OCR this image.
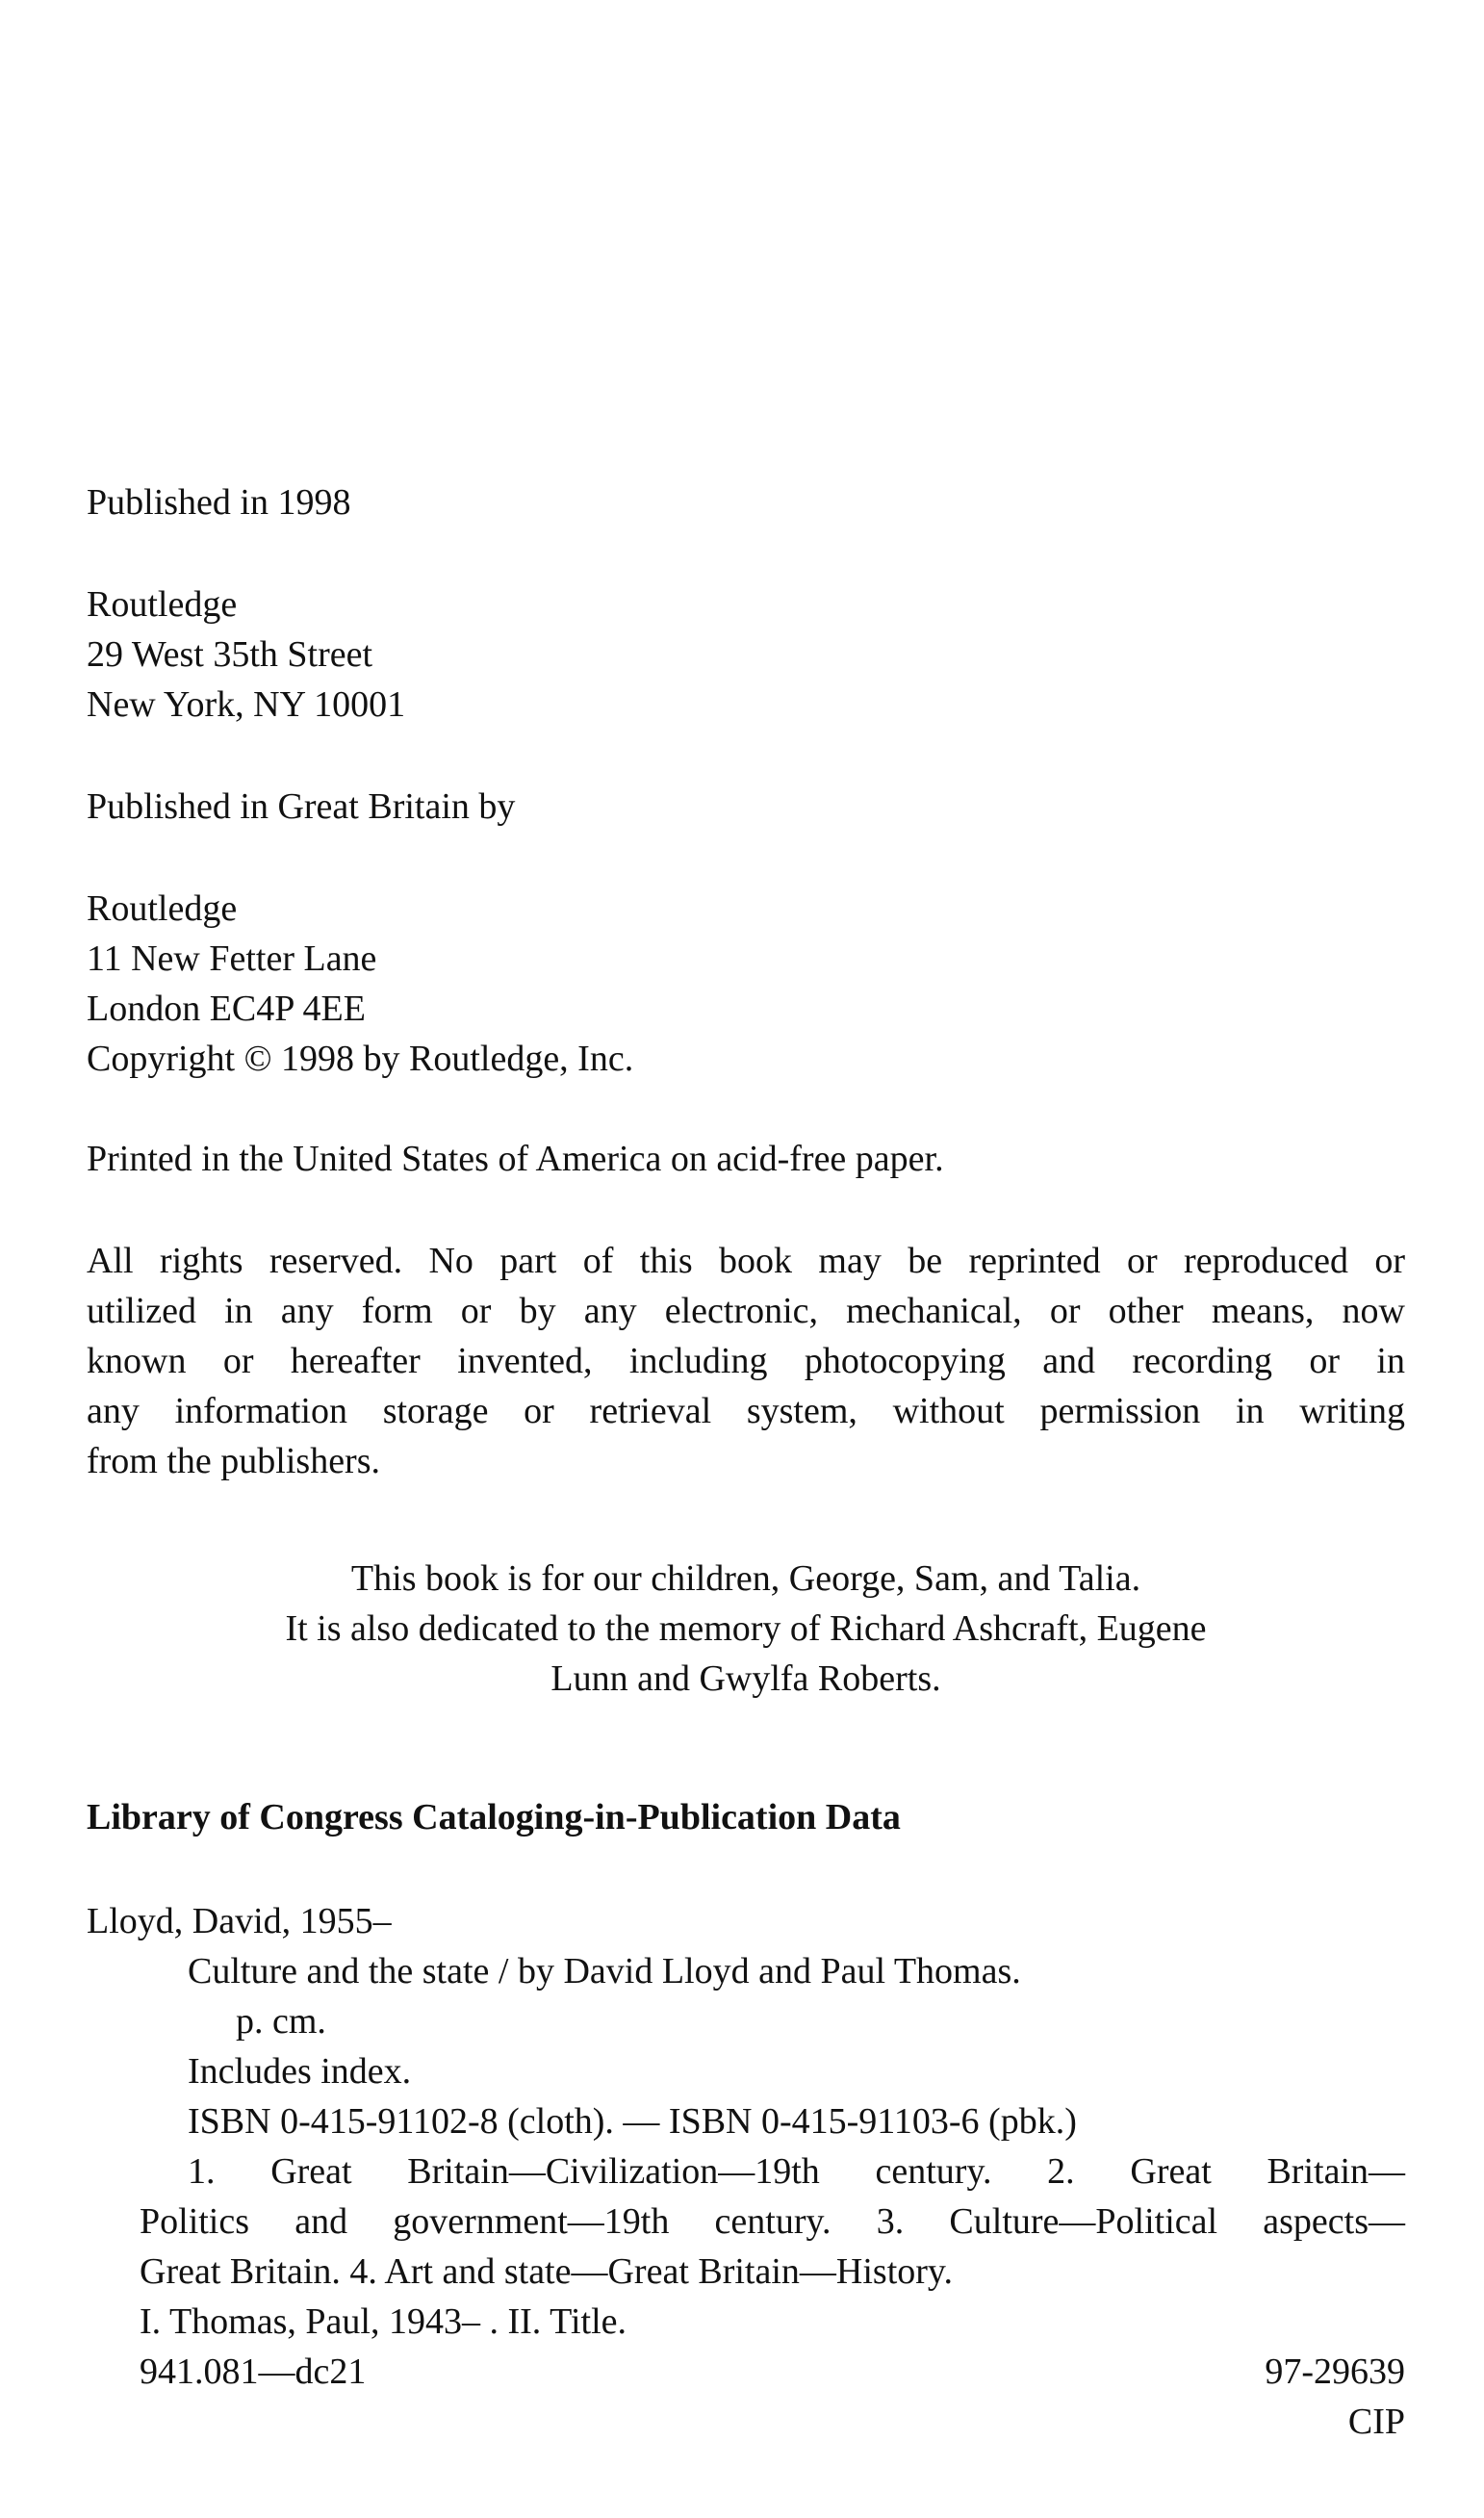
Published in 1998
Routledge
29 West 35th Street
New York, NY 10001
Published in Great Britain by
Routledge
11 New Fetter Lane
London EC4P 4EE
Copyright © 1998 by Routledge, Inc.
Printed in the United States of America on acid-free paper.
All rights reserved. No part of this book may be reprinted or reproduced or
utilized in any form or by any electronic, mechanical, or other means, now
known or hereafter invented, including photocopying and recording or in
any information storage or retrieval system, without permission in writing
from the publishers.
This book is for our children, George, Sam, and Talia.
It is also dedicated to the memory of Richard Ashcraft, Eugene
Lunn and Gwylfa Roberts.
Library of Congress Cataloging-in-Publication Data
Lloyd, David, 1955–
Culture and the state / by David Lloyd and Paul Thomas.
p. cm.
Includes index.
ISBN 0-415-91102-8 (cloth). — ISBN 0-415-91103-6 (pbk.)
1. Great Britain—Civilization—19th century. 2. Great Britain—
Politics and government—19th century. 3. Culture—Political aspects—
Great Britain. 4. Art and state—Great Britain—History.
I. Thomas, Paul, 1943– . II. Title.
941.081—dc21	97-29639
CIP
